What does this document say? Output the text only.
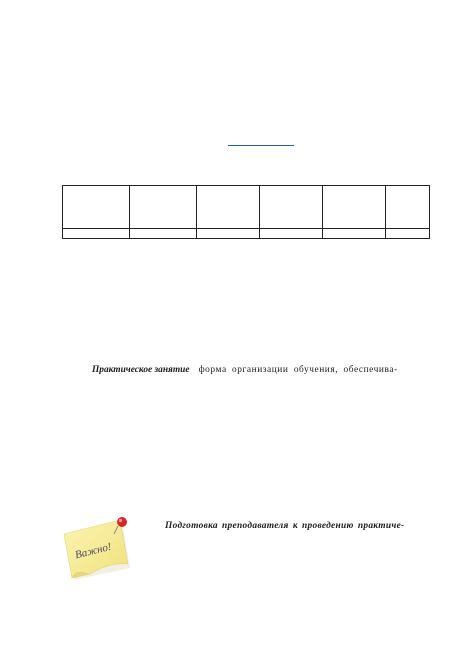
Практическое занятие форма организации обучения, обеспечива-
Важно!
Подготовка преподавателя к проведению практиче-
